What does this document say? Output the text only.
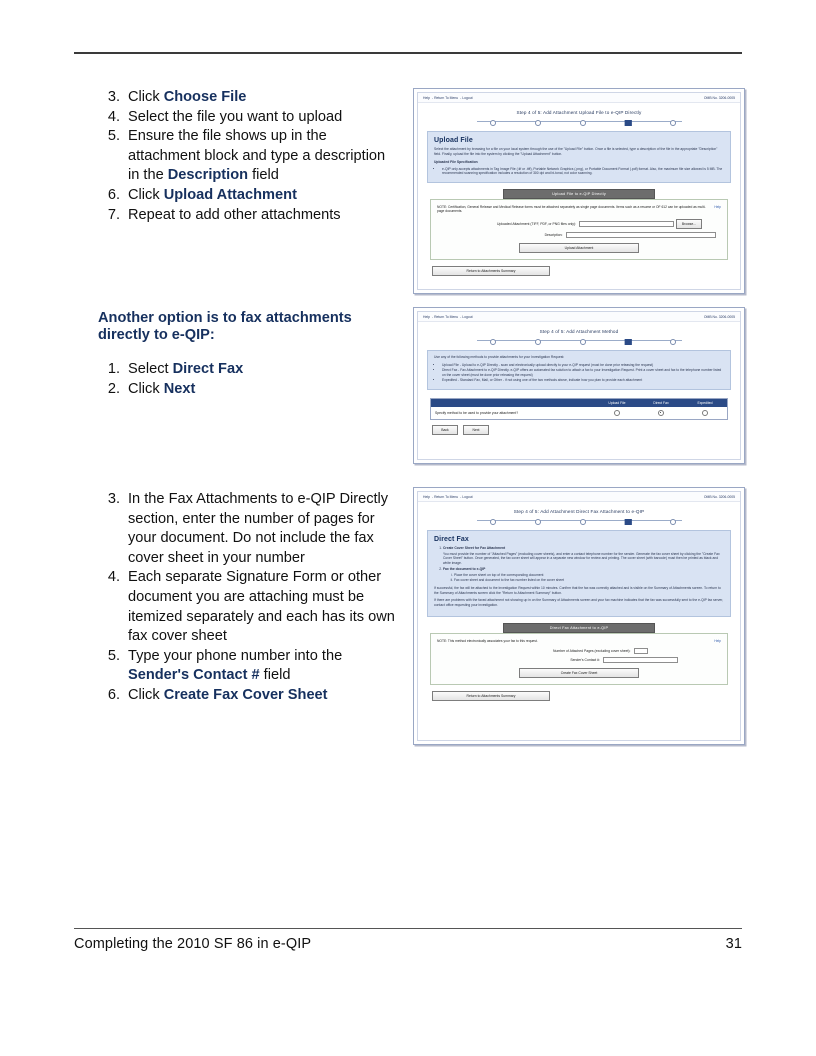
3. Click Choose File
4. Select the file you want to upload
5. Ensure the file shows up in the attachment block and type a description in the Description field
6. Click Upload Attachment
7. Repeat to add other attachments

Another option is to fax attachments directly to e-QIP:

1. Select Direct Fax
2. Click Next
3. In the Fax Attachments to e-QIP Directly section, enter the number of pages for your document. Do not include the fax cover sheet in your number
4. Each separate Signature Form or other document you are attaching must be itemized separately and each has its own fax cover sheet
5. Type your phone number into the Sender's Contact # field
6. Click Create Fax Cover Sheet
Help - Return To Menu - Logout	OMB No. 3206-0005
Step 4 of 5: Add Attachment Upload File to e-QIP Directly
Upload File

Select the attachment by browsing for a file on your local system through the use of the "Upload File" button. Once a file is selected, type a description of the file in the appropriate "Description" field. Finally, upload the file into the system by clicking the "Upload Attachment" button.

Uploaded File Specification

• e-QIP only accepts attachments in Tag Image File (.tif or .tiff), Portable Network Graphics (.png), or Portable Document Format (.pdf) format. Also, the maximum file size allowed is 5 MB. The recommended scanning specification includes a resolution of 300 dpi and bi-tonal, not color scanning.
Upload File to e-QIP Directly
NOTE: Certification, General Release and Medical Release forms must be attached separately as single page documents. Items such as a resume or OF 612 can be uploaded as multi-page documents.
Help
Uploaded Attachment (TIFF, PDF, or PNG files only):	Browse...
Description:
Upload Attachment
Return to Attachments Summary
Help - Return To Menu - Logout	OMB No. 3206-0005
Step 4 of 5: Add Attachment Method

Use any of the following methods to provide attachments for your Investigation Request:

• Upload File - Upload to e-QIP Directly - scan and electronically upload directly to your e-QIP request (must be done prior releasing the request)
• Direct Fax - Fax Attachment to e-QIP Directly. e-QIP offers an automated fax solution to attach a fax to your Investigation Request. Print a cover sheet and fax to the telephone number listed on the cover sheet (must be done prior releasing the request)
• Expedited - Standard Fax, Mail, or Other - if not using one of the two methods above, indicate how you plan to provide each attachment
Upload File	Direct Fax	Expedited
Specify method to be used to provide your attachment?
Back	Next
Help - Return To Menu - Logout	OMB No. 3206-0005
Step 4 of 5: Add Attachment Direct Fax Attachment to e-QIP
Direct Fax
1. Create Cover Sheet for Fax Attachment
You must provide the number of "Attached Pages" (excluding cover sheets), and enter a contact telephone number for the sender. Generate the fax cover sheet by clicking the "Create Fax Cover Sheet" button. Once generated, the fax cover sheet will appear in a separate new window for review and printing. The cover sheet (with barcode) must then be printed as black and white image.
2. Fax the document to e-QIP
i. Place the cover sheet on top of the corresponding document
ii. Fax cover sheet and document to the fax number listed on the cover sheet

If successful, the fax will be attached to the Investigation Request within 10 minutes. Confirm that the fax was correctly attached and is visible on the Summary of Attachments screen. To return to the Summary of Attachments screen click the "Return to Attachment Summary" button.

If there are problems with the faxed attachment not showing up in on the Summary of Attachments screen and your fax machine indicates that the fax was successfully sent to the e-QIP fax server, contact office requesting your investigation.

Direct Fax Attachment to e-QIP
NOTE: This method electronically associates your fax to this request.	Help
Number of Attached Pages (excluding cover sheet):
Sender's Contact #:
Create Fax Cover Sheet
Return to Attachments Summary
Completing the 2010 SF 86 in e-QIP	31
